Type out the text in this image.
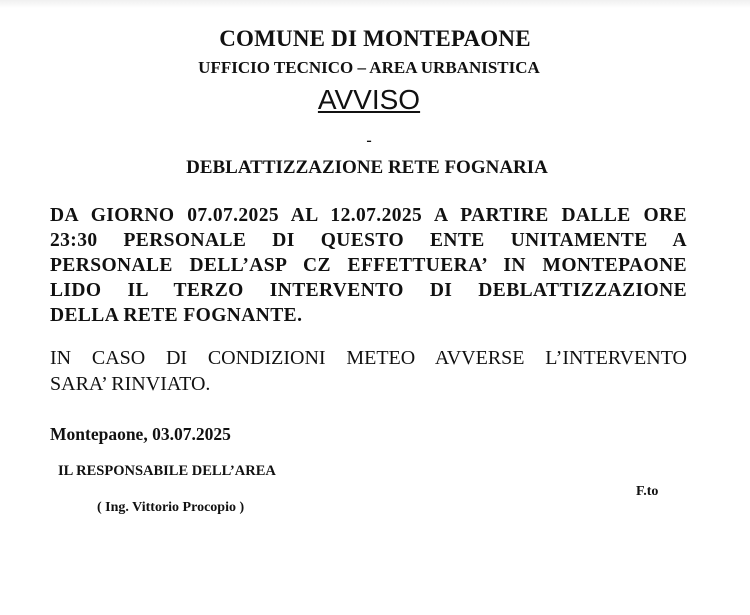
COMUNE DI MONTEPAONE
UFFICIO TECNICO – AREA URBANISTICA
AVVISO
-
DEBLATTIZZAZIONE RETE FOGNARIA
DA GIORNO 07.07.2025 AL 12.07.2025 A PARTIRE DALLE ORE
23:30 PERSONALE DI QUESTO ENTE UNITAMENTE A
PERSONALE DELL’ASP CZ EFFETTUERA’ IN MONTEPAONE
LIDO IL TERZO INTERVENTO DI DEBLATTIZZAZIONE
DELLA RETE FOGNANTE.
IN CASO DI CONDIZIONI METEO AVVERSE L’INTERVENTO
SARA’ RINVIATO.
Montepaone, 03.07.2025
IL RESPONSABILE DELL’AREA
F.to
( Ing. Vittorio Procopio )
